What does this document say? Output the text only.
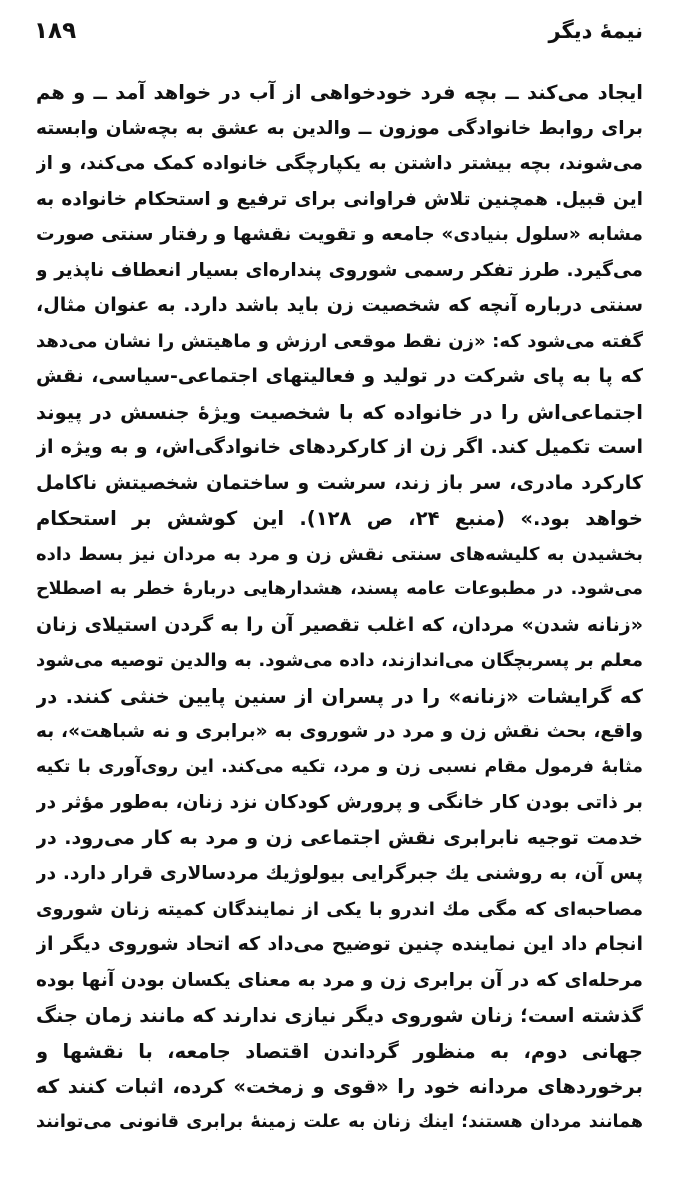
نیمهٔ دیگر
۱۸۹
ایجاد می‌کند ــ بچه فرد خودخواهی از آب در خواهد آمد ــ و هم
برای روابط خانوادگی موزون ــ والدین به عشق به بچه‌شان وابسته
می‌شوند، بچه بیشتر داشتن به یکپارچگی خانواده کمک می‌کند، و از
این قبیل. همچنین تلاش فراوانی برای ترفیع و استحکام خانواده به
مشابه «سلول بنیادی» جامعه و تقویت نقشها و رفتار سنتی صورت
می‌گیرد. طرز تفکر رسمی شوروی پنداره‌ای بسیار انعطاف ناپذیر و
سنتی درباره آنچه که شخصیت زن باید باشد دارد. به عنوان مثال،
گفته می‌شود که: «زن نقط موقعی ارزش و ماهیتش را نشان می‌دهد
که پا به پای شرکت در تولید و فعالیتهای اجتماعی-سیاسی، نقش
اجتماعی‌اش را در خانواده که با شخصیت ویژهٔ جنسش در پیوند
است تکمیل کند. اگر زن از کارکردهای خانوادگی‌اش، و به ویژه از
کارکرد مادری، سر باز زند، سرشت و ساختمان شخصیتش ناکامل
خواهد بود.» (منبع ۲۴، ص ۱۲۸). این کوشش بر استحکام
بخشیدن به کلیشه‌های سنتی نقش زن و مرد به مردان نیز بسط داده
می‌شود. در مطبوعات عامه پسند، هشدارهایی دربارهٔ خطر به اصطلاح
«زنانه شدن» مردان، که اغلب تقصیر آن را به گردن استیلای زنان
معلم بر پسربچگان می‌اندازند، داده می‌شود. به والدین توصیه می‌شود
که گرایشات «زنانه» را در پسران از سنین پایین خنثی کنند. در
واقع، بحث نقش زن و مرد در شوروی به «برابری و نه شباهت»، به
مثابهٔ فرمول مقام نسبی زن و مرد، تکیه می‌کند. این روی‌آوری با تکیه
بر ذاتی بودن کار خانگی و پرورش کودکان نزد زنان، به‌طور مؤثر در
خدمت توجیه نابرابری نقش اجتماعی زن و مرد به کار می‌رود. در
پس آن، به روشنی یك جبرگرایی بیولوژیك مردسالاری قرار دارد. در
مصاحبه‌ای که مگی مك اندرو با یکی از نمایندگان کمیته زنان شوروی
انجام داد این نماینده چنین توضیح می‌داد که اتحاد شوروی دیگر از
مرحله‌ای که در آن برابری زن و مرد به معنای یکسان بودن آنها بوده
گذشته است؛ زنان شوروی دیگر نیازی ندارند که مانند زمان جنگ
جهانی دوم، به منظور گرداندن اقتصاد جامعه، با نقشها و
برخوردهای مردانه خود را «قوی و زمخت» کرده، اثبات کنند که
همانند مردان هستند؛ اینك زنان به علت زمینهٔ برابری قانونی می‌توانند
